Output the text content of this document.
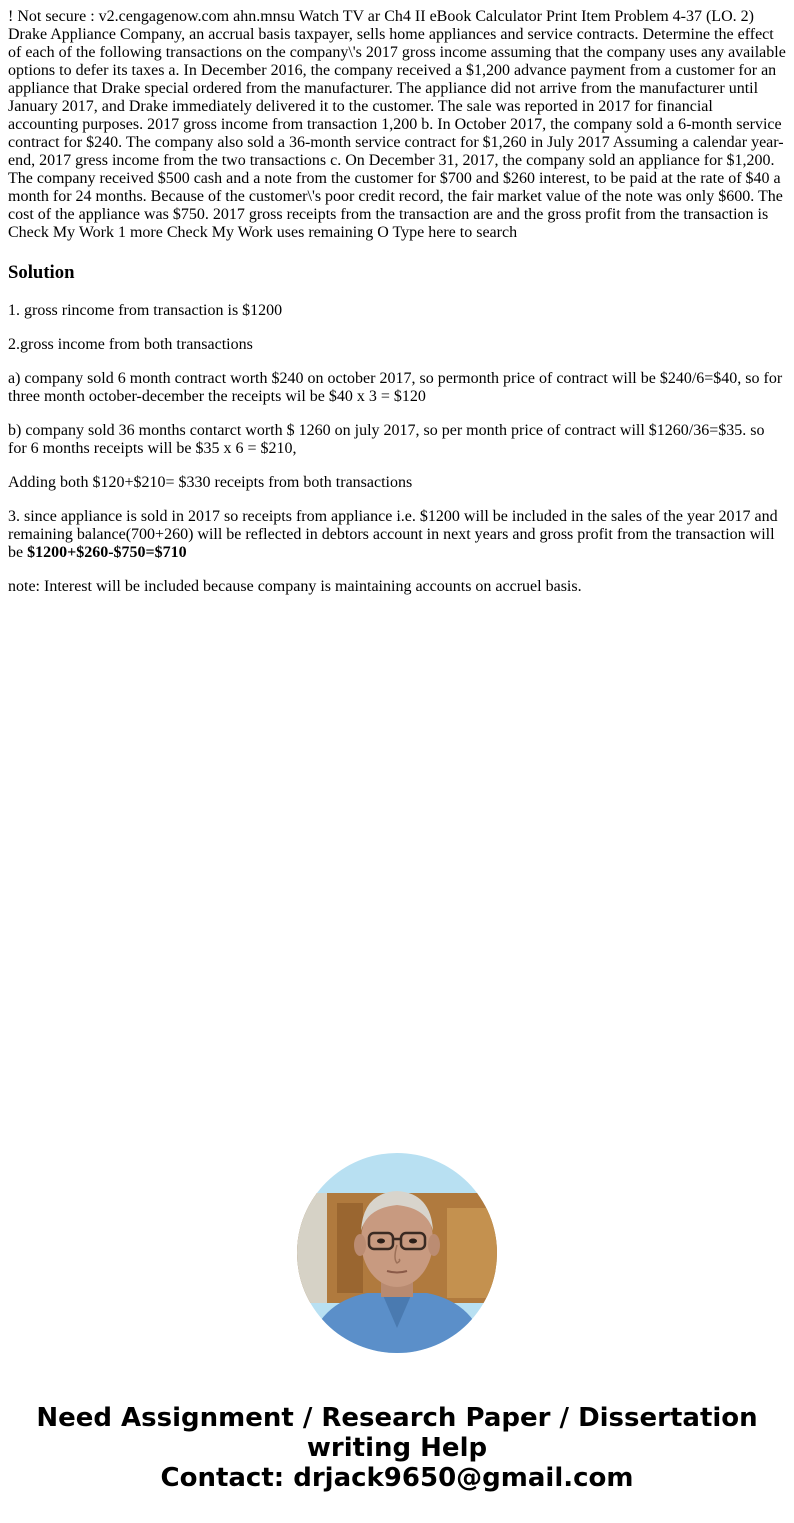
! Not secure : v2.cengagenow.com ahn.mnsu Watch TV ar Ch4 II eBook Calculator Print Item Problem 4-37 (LO. 2) Drake Appliance Company, an accrual basis taxpayer, sells home appliances and service contracts. Determine the effect of each of the following transactions on the company\'s 2017 gross income assuming that the company uses any available options to defer its taxes a. In December 2016, the company received a $1,200 advance payment from a customer for an appliance that Drake special ordered from the manufacturer. The appliance did not arrive from the manufacturer until January 2017, and Drake immediately delivered it to the customer. The sale was reported in 2017 for financial accounting purposes. 2017 gross income from transaction 1,200 b. In October 2017, the company sold a 6-month service contract for $240. The company also sold a 36-month service contract for $1,260 in July 2017 Assuming a calendar year-end, 2017 gress income from the two transactions c. On December 31, 2017, the company sold an appliance for $1,200. The company received $500 cash and a note from the customer for $700 and $260 interest, to be paid at the rate of $40 a month for 24 months. Because of the customer\'s poor credit record, the fair market value of the note was only $600. The cost of the appliance was $750. 2017 gross receipts from the transaction are and the gross profit from the transaction is Check My Work 1 more Check My Work uses remaining O Type here to search
Solution

1. gross rincome from transaction is $1200

2.gross income from both transactions

a) company sold 6 month contract worth $240 on october 2017, so permonth price of contract will be $240/6=$40, so for three month october-december the receipts wil be $40 x 3 = $120

b) company sold 36 months contarct worth $ 1260 on july 2017, so per month price of contract will $1260/36=$35. so for 6 months receipts will be $35 x 6 = $210,

Adding both $120+$210= $330 receipts from both transactions

3. since appliance is sold in 2017 so receipts from appliance i.e. $1200 will be included in the sales of the year 2017 and remaining balance(700+260) will be reflected in debtors account in next years and gross profit from the transaction will be $1200+$260-$750=$710

note: Interest will be included because company is maintaining accounts on accruel basis.

Need Assignment / Research Paper / Dissertation
writing Help
Contact: drjack9650@gmail.com
